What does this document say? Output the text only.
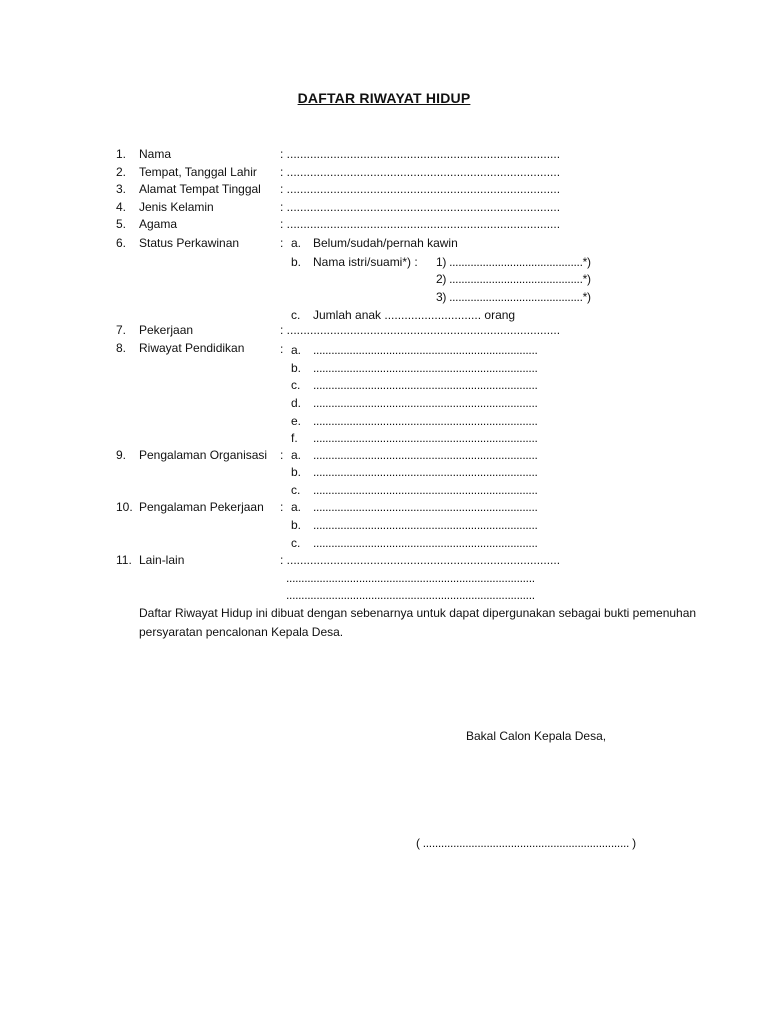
DAFTAR RIWAYAT HIDUP
1. Nama	: ..................................................................................
2. Tempat, Tanggal Lahir : ..................................................................................
3. Alamat Tempat Tinggal : ..................................................................................
4. Jenis Kelamin	: ..................................................................................
5. Agama	: ..................................................................................
6. Status Perkawinan	: a. Belum/sudah/pernah kawin
b. Nama istri/suami*) : 1) ............................................*)
2) ............................................*)
3) ............................................*)
c. Jumlah anak ............................. orang
7. Pekerjaan	: ..................................................................................
8. Riwayat Pendidikan	: a. ..........................................................................
b. ..........................................................................
c. ..........................................................................
d. ..........................................................................
e. ..........................................................................
f. ..........................................................................
9. Pengalaman Organisasi : a. ..........................................................................
b. ..........................................................................
c. ..........................................................................
10. Pengalaman Pekerjaan : a. ..........................................................................
b. ..........................................................................
c. ..........................................................................
11. Lain-lain	: ..................................................................................
..................................................................................
..................................................................................
Daftar Riwayat Hidup ini dibuat dengan sebenarnya untuk dapat dipergunakan sebagai bukti pemenuhan persyaratan pencalonan Kepala Desa.
Bakal Calon Kepala Desa,
( .................................................................... )
